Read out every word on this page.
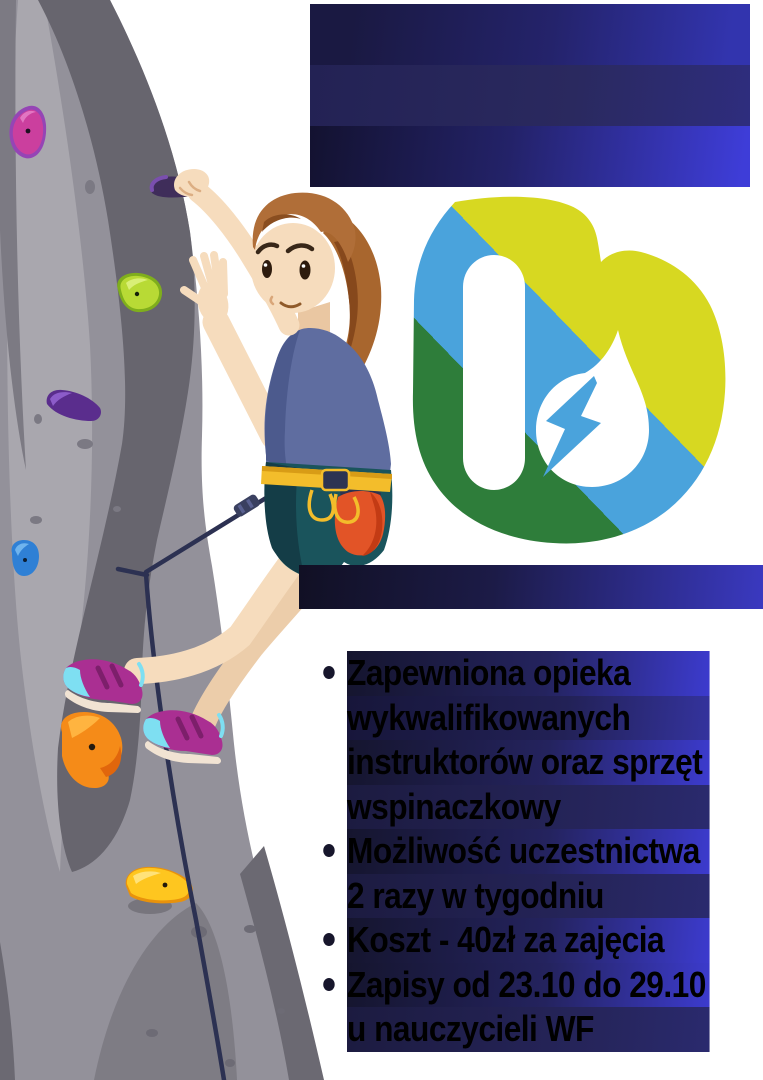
Zapewniona opieka
wykwalifikowanych
instruktorów oraz sprzęt
wspinaczkowy
Możliwość uczestnictwa
2 razy w tygodniu
Koszt - 40zł za zajęcia
Zapisy od 23.10 do 29.10
u nauczycieli WF
